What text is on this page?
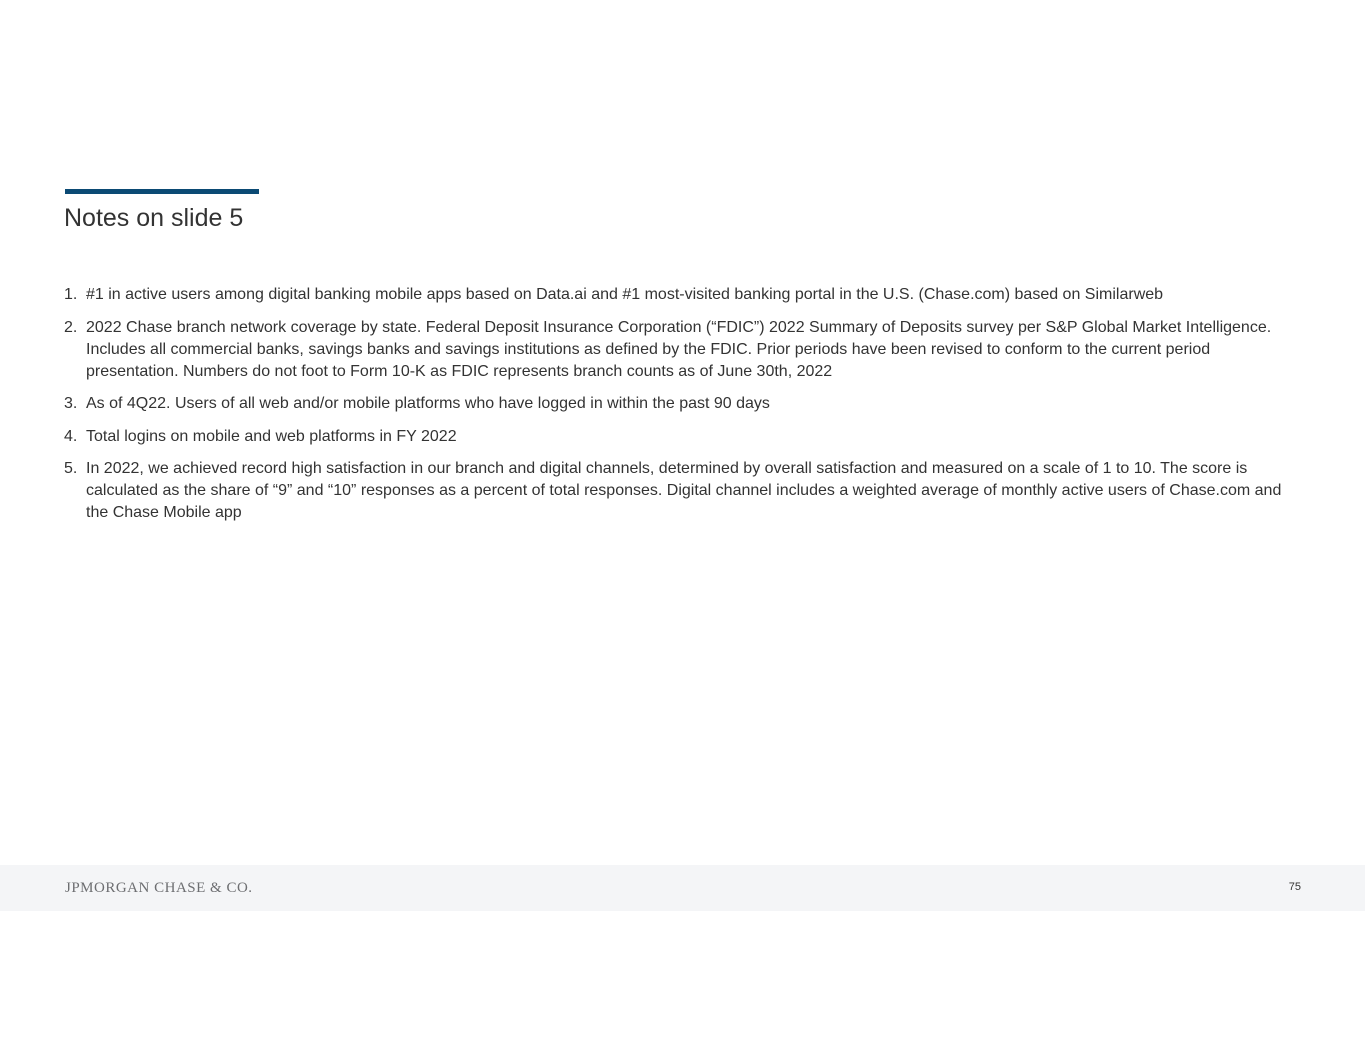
Notes on slide 5
1. #1 in active users among digital banking mobile apps based on Data.ai and #1 most-visited banking portal in the U.S. (Chase.com) based on Similarweb
2. 2022 Chase branch network coverage by state. Federal Deposit Insurance Corporation (“FDIC”) 2022 Summary of Deposits survey per S&P Global Market Intelligence. Includes all commercial banks, savings banks and savings institutions as defined by the FDIC. Prior periods have been revised to conform to the current period presentation. Numbers do not foot to Form 10-K as FDIC represents branch counts as of June 30th, 2022
3. As of 4Q22. Users of all web and/or mobile platforms who have logged in within the past 90 days
4. Total logins on mobile and web platforms in FY 2022
5. In 2022, we achieved record high satisfaction in our branch and digital channels, determined by overall satisfaction and measured on a scale of 1 to 10. The score is calculated as the share of “9” and “10” responses as a percent of total responses. Digital channel includes a weighted average of monthly active users of Chase.com and the Chase Mobile app
JPMORGAN CHASE & CO.	75
